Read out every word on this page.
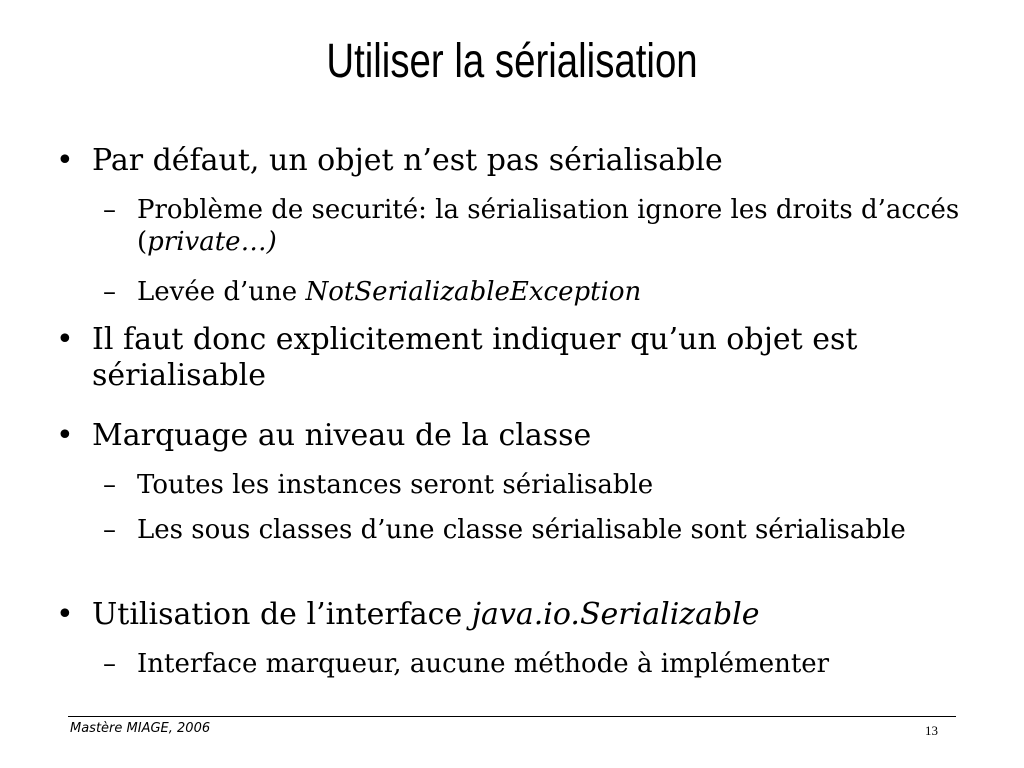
Utiliser la sérialisation
• Par défaut, un objet n’est pas sérialisable
– Problème de securité: la sérialisation ignore les droits d’accés (private…)
– Levée d’une NotSerializableException
• Il faut donc explicitement indiquer qu’un objet est sérialisable
• Marquage au niveau de la classe
– Toutes les instances seront sérialisable
– Les sous classes d’une classe sérialisable sont sérialisable
• Utilisation de l’interface java.io.Serializable
– Interface marqueur, aucune méthode à implémenter
Mastère MIAGE, 2006	13
